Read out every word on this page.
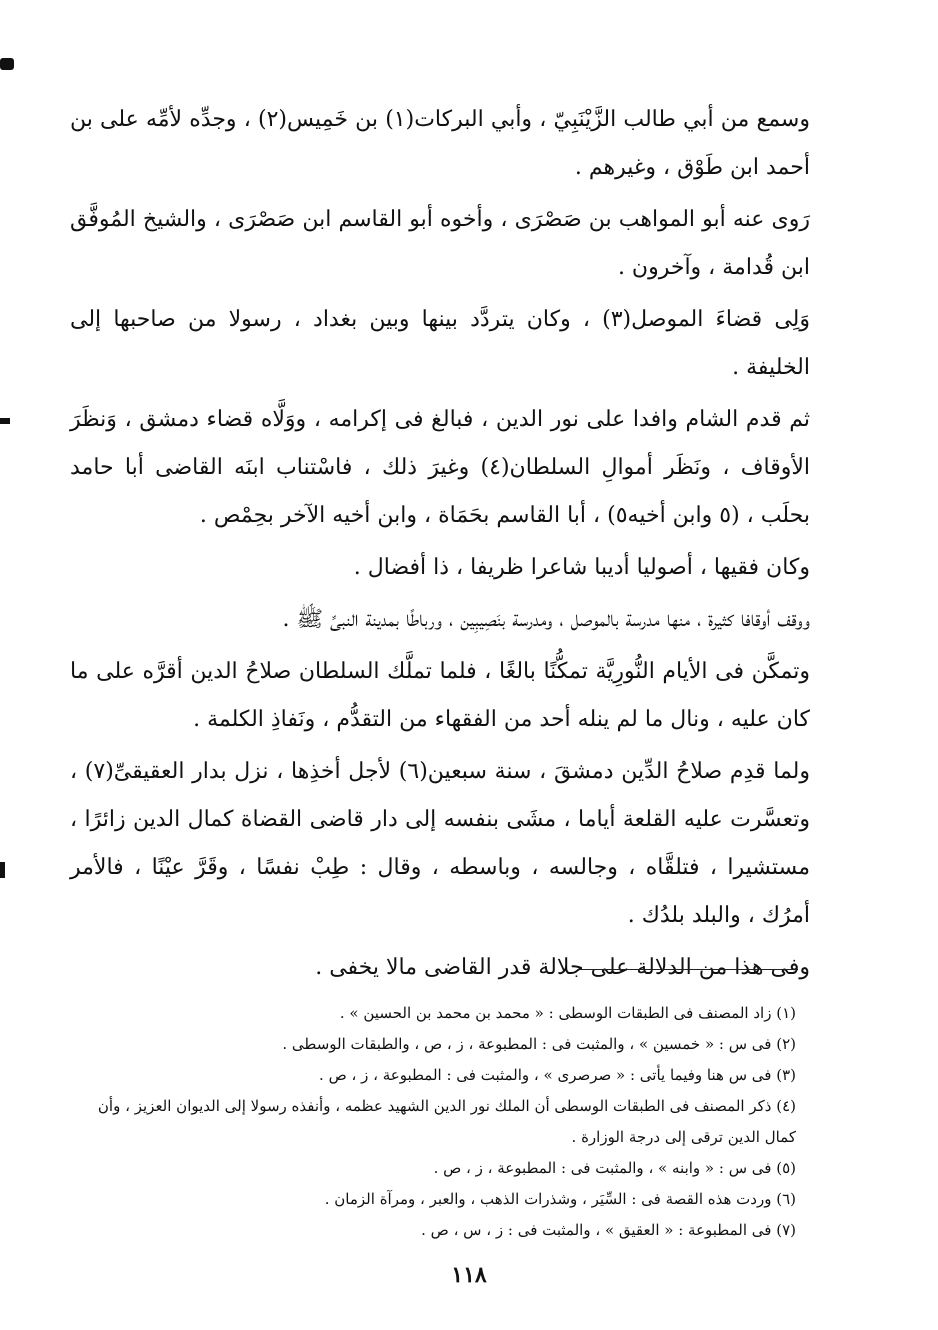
وسمع من أبي طالب الزَّيْنَبِيّ ، وأبي البركات(١) بن خَمِيس(٢) ، وجدِّه لأمِّه على بن أحمد ابن طَوْق ، وغيرهم .

رَوى عنه أبو المواهب بن صَصْرَى ، وأخوه أبو القاسم ابن صَصْرَى ، والشيخ المُوفَّق ابن قُدامة ، وآخرون .

وَلِى قضاءَ الموصل(٣) ، وكان يتردَّد بينها وبين بغداد ، رسولا من صاحبها إلى الخليفة .

ثم قدم الشام وافدا على نور الدين ، فبالغ فى إكرامه ، ووَلَّاه قضاء دمشق ، وَنظَرَ الأوقاف ، ونَظَر أموالِ السلطان(٤) وغيرَ ذلك ، فاسْتناب ابنَه القاضى أبا حامد بحلَب ، (٥ وابن أخيه٥) ، أبا القاسم بحَمَاة ، وابن أخيه الآخر بحِمْص .

وكان فقيها ، أصوليا أديبا شاعرا ظريفا ، ذا أفضال .

ووقف أوقافا كثيرة ، منها مدرسة بالموصل ، ومدرسة بنَصِيبِين ، ورباطًا بمدينة النبىِّ ﷺ .

وتمكَّن فى الأيام النُّورِيَّة تمكُّنًا بالغًا ، فلما تملَّك السلطان صلاحُ الدين أقرَّه على ما كان عليه ، ونال ما لم ينله أحد من الفقهاء من التقدُّم ، ونَفاذِ الكلمة .

ولما قدِم صلاحُ الدِّين دمشقَ ، سنة سبعين(٦) لأجل أخذِها ، نزل بدار العقيقىِّ(٧) ، وتعسَّرت عليه القلعة أياما ، مشَى بنفسه إلى دار قاضى القضاة كمال الدين زائرًا ، مستشيرا ، فتلقَّاه ، وجالسه ، وباسطه ، وقال : طِبْ نفسًا ، وقَرَّ عيْنًا ، فالأمر أمرُك ، والبلد بلدُك .

وفى هذا من الدلالة على جلالة قدر القاضى مالا يخفى .

(١) زاد المصنف فى الطبقات الوسطى : « محمد بن محمد بن الحسين » .
(٢) فى س : « خمسين » ، والمثبت فى : المطبوعة ، ز ، ص ، والطبقات الوسطى .
(٣) فى س هنا وفيما يأتى : « صرصرى » ، والمثبت فى : المطبوعة ، ز ، ص .
(٤) ذكر المصنف فى الطبقات الوسطى أن الملك نور الدين الشهيد عظمه ، وأنفذه رسولا إلى الديوان العزيز ، وأن كمال الدين ترقى إلى درجة الوزارة .
(٥) فى س : « وابنه » ، والمثبت فى : المطبوعة ، ز ، ص .
(٦) وردت هذه القصة فى : السِّيَر ، وشذرات الذهب ، والعبر ، ومرآة الزمان .
(٧) فى المطبوعة : « العقيق » ، والمثبت فى : ز ، س ، ص .
١١٨
